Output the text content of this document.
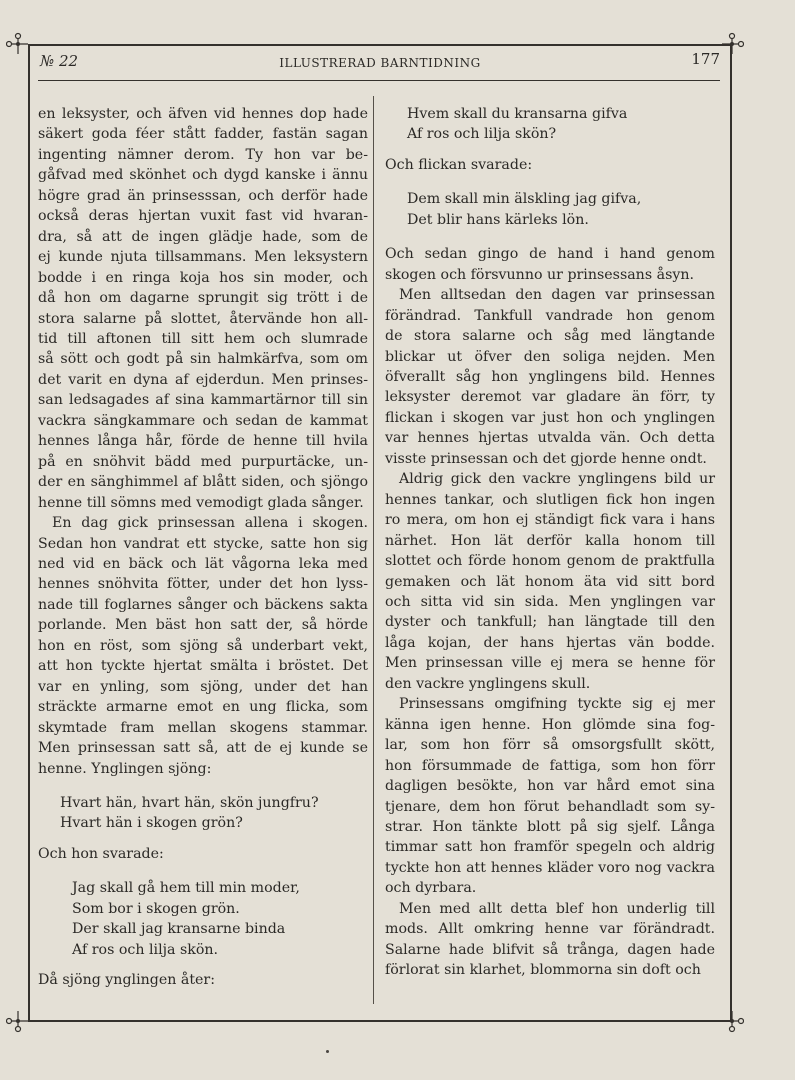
№ 22	ILLUSTRERAD BARNTIDNING	177
en leksyster, och äfven vid hennes dop hade
säkert goda féer stått fadder, fastän sagan
ingenting nämner derom. Ty hon var be-
gåfvad med skönhet och dygd kanske i ännu
högre grad än prinsesssan, och derför hade
också deras hjertan vuxit fast vid hvaran-
dra, så att de ingen glädje hade, som de
ej kunde njuta tillsammans. Men leksystern
bodde i en ringa koja hos sin moder, och
då hon om dagarne sprungit sig trött i de
stora salarne på slottet, återvände hon all-
tid till aftonen till sitt hem och slumrade
så sött och godt på sin halmkärfva, som om
det varit en dyna af ejderdun. Men prinses-
san ledsagades af sina kammartärnor till sin
vackra sängkammare och sedan de kammat
hennes långa hår, förde de henne till hvila
på en snöhvit bädd med purpurtäcke, un-
der en sänghimmel af blått siden, och sjöngo
henne till sömns med vemodigt glada sånger.
En dag gick prinsessan allena i skogen.
Sedan hon vandrat ett stycke, satte hon sig
ned vid en bäck och lät vågorna leka med
hennes snöhvita fötter, under det hon lyss-
nade till foglarnes sånger och bäckens sakta
porlande. Men bäst hon satt der, så hörde
hon en röst, som sjöng så underbart vekt,
att hon tyckte hjertat smälta i bröstet. Det
var en ynling, som sjöng, under det han
sträckte armarne emot en ung flicka, som
skymtade fram mellan skogens stammar.
Men prinsessan satt så, att de ej kunde se
henne. Ynglingen sjöng:
Hvart hän, hvart hän, skön jungfru?
Hvart hän i skogen grön?
Och hon svarade:
Jag skall gå hem till min moder,
Som bor i skogen grön.
Der skall jag kransarne binda
Af ros och lilja skön.
Då sjöng ynglingen åter:
Hvem skall du kransarna gifva
Af ros och lilja skön?
Och flickan svarade:
Dem skall min älskling jag gifva,
Det blir hans kärleks lön.
Och sedan gingo de hand i hand genom
skogen och försvunno ur prinsessans åsyn.
Men alltsedan den dagen var prinsessan
förändrad. Tankfull vandrade hon genom
de stora salarne och såg med längtande
blickar ut öfver den soliga nejden. Men
öfverallt såg hon ynglingens bild. Hennes
leksyster deremot var gladare än förr, ty
flickan i skogen var just hon och ynglingen
var hennes hjertas utvalda vän. Och detta
visste prinsessan och det gjorde henne ondt.
Aldrig gick den vackre ynglingens bild ur
hennes tankar, och slutligen fick hon ingen
ro mera, om hon ej ständigt fick vara i hans
närhet. Hon lät derför kalla honom till
slottet och förde honom genom de praktfulla
gemaken och lät honom äta vid sitt bord
och sitta vid sin sida. Men ynglingen var
dyster och tankfull; han längtade till den
låga kojan, der hans hjertas vän bodde.
Men prinsessan ville ej mera se henne för
den vackre ynglingens skull.
Prinsessans omgifning tyckte sig ej mer
känna igen henne. Hon glömde sina fog-
lar, som hon förr så omsorgsfullt skött,
hon försummade de fattiga, som hon förr
dagligen besökte, hon var hård emot sina
tjenare, dem hon förut behandladt som sy-
strar. Hon tänkte blott på sig sjelf. Långa
timmar satt hon framför spegeln och aldrig
tyckte hon att hennes kläder voro nog vackra
och dyrbara.
Men med allt detta blef hon underlig till
mods. Allt omkring henne var förändradt.
Salarne hade blifvit så trånga, dagen hade
förlorat sin klarhet, blommorna sin doft och
